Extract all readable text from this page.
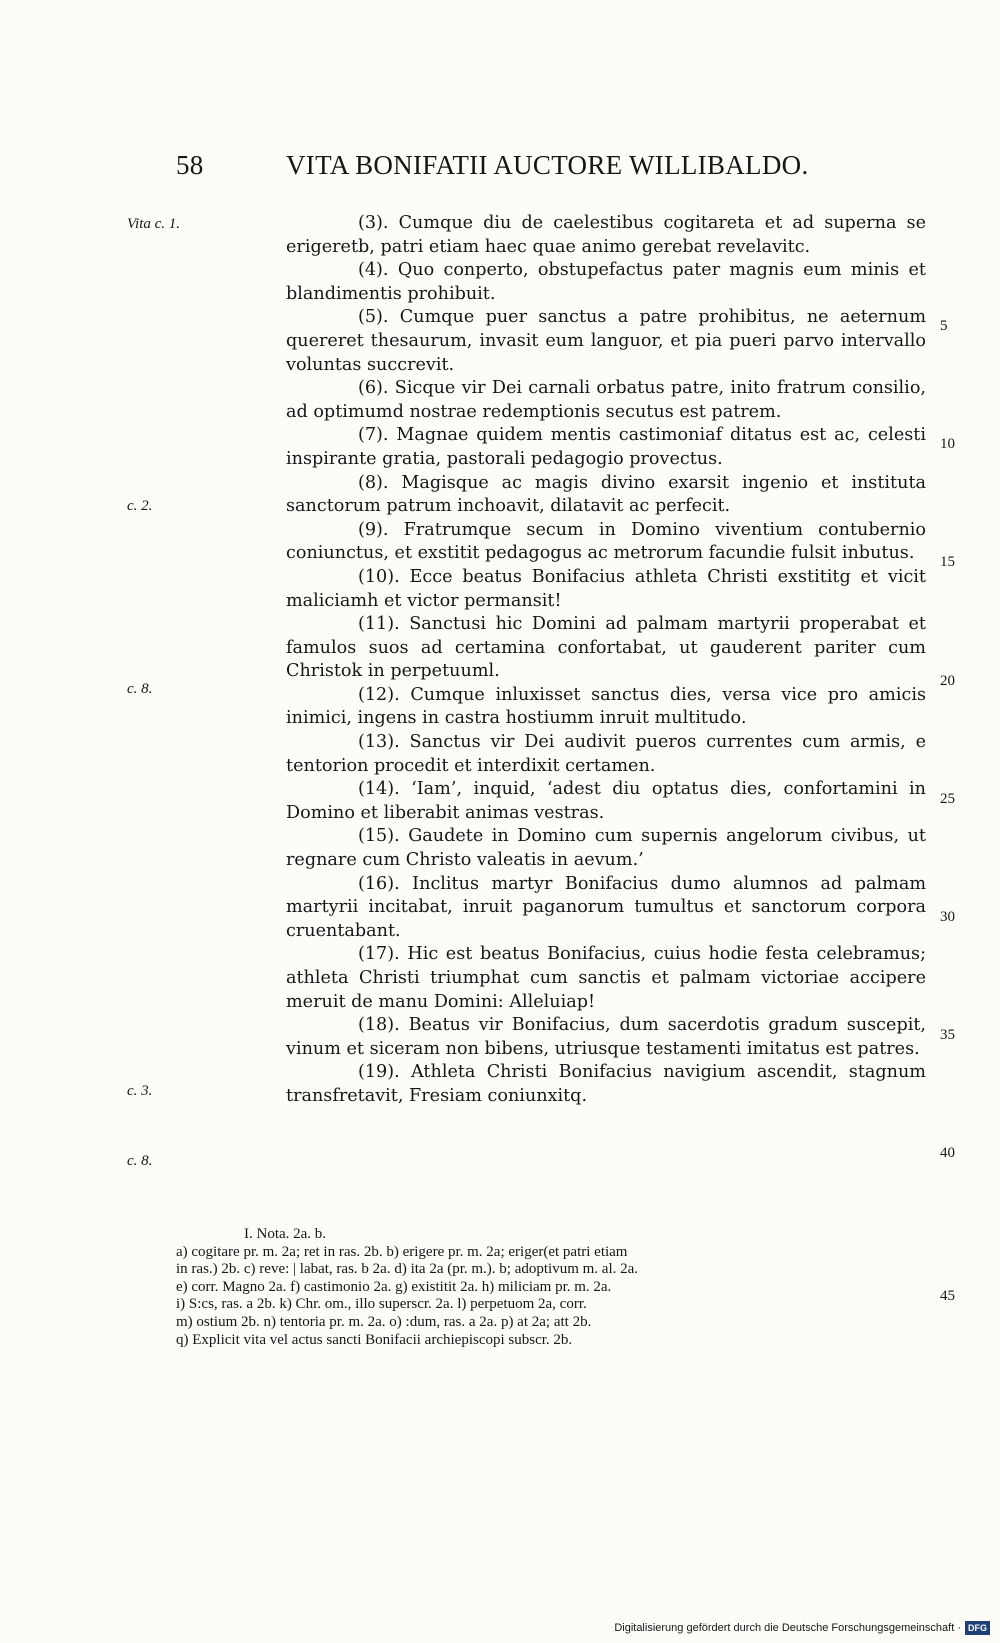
58	VITA BONIFATII AUCTORE WILLIBALDO.
Vita c. 1.
c. 2.
c. 8.
c. 3.
c. 8.
5
10
15
20
25
30
35
40
45

(3). Cumque diu de caelestibus cogitareta et ad superna se erigeretb, patri etiam haec quae animo gerebat revelavitc.

(4). Quo conperto, obstupefactus pater magnis eum minis et blandimentis prohibuit.

(5). Cumque puer sanctus a patre prohibitus, ne aeternum quereret thesaurum, invasit eum languor, et pia pueri parvo intervallo voluntas succrevit.

(6). Sicque vir Dei carnali orbatus patre, inito fratrum consilio, ad optimumd nostrae redemptionis secutus est patrem.

(7). Magnae quidem mentis castimoniaf ditatus est ac, celesti inspirante gratia, pastorali pedagogio provectus.

(8). Magisque ac magis divino exarsit ingenio et instituta sanctorum patrum inchoavit, dilatavit ac perfecit.

(9). Fratrumque secum in Domino viventium contubernio coniunctus, et exstitit pedagogus ac metrorum facundie fulsit inbutus.

(10). Ecce beatus Bonifacius athleta Christi exstititg et vicit maliciamh et victor permansit!

(11). Sanctusi hic Domini ad palmam martyrii properabat et famulos suos ad certamina confortabat, ut gauderent pariter cum Christok in perpetuuml.

(12). Cumque inluxisset sanctus dies, versa vice pro amicis inimici, ingens in castra hostiumm inruit multitudo.

(13). Sanctus vir Dei audivit pueros currentes cum armis, e tentorion procedit et interdixit certamen.

(14). ‘Iam’, inquid, ‘adest diu optatus dies, confortamini in Domino et liberabit animas vestras.

(15). Gaudete in Domino cum supernis angelorum civibus, ut regnare cum Christo valeatis in aevum.’

(16). Inclitus martyr Bonifacius dumo alumnos ad palmam martyrii incitabat, inruit paganorum tumultus et sanctorum corpora cruentabant.

(17). Hic est beatus Bonifacius, cuius hodie festa celebramus; athleta Christi triumphat cum sanctis et palmam victoriae accipere meruit de manu Domini: Alleluiap!

(18). Beatus vir Bonifacius, dum sacerdotis gradum suscepit, vinum et siceram non bibens, utriusque testamenti imitatus est patres.

(19). Athleta Christi Bonifacius navigium ascendit, stagnum transfretavit, Fresiam coniunxitq.

I. Nota. 2a. b.

a) cogitare pr. m. 2a; ret in ras. 2b. b) erigere pr. m. 2a; eriger(et patri etiam

in ras.) 2b. c) reve: | labat, ras. b 2a. d) ita 2a (pr. m.). b; adoptivum m. al. 2a.

e) corr. Magno 2a. f) castimonio 2a. g) existitit 2a. h) miliciam pr. m. 2a.

i) S:cs, ras. a 2b. k) Chr. om., illo superscr. 2a. l) perpetuom 2a, corr.

m) ostium 2b. n) tentoria pr. m. 2a. o) :dum, ras. a 2a. p) at 2a; att 2b.

q) Explicit vita vel actus sancti Bonifacii archiepiscopi subscr. 2b.

Digitalisierung gefördert durch die Deutsche Forschungsgemeinschaft · DFG
